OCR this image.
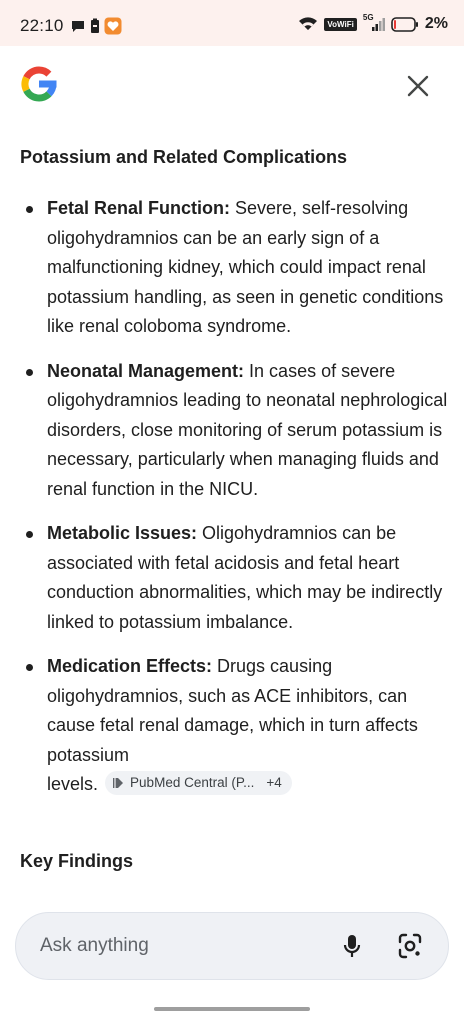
22:10	VoWiFi
5G	2%
Potassium and Related Complications
Fetal Renal Function: Severe, self-resolving oligohydramnios can be an early sign of a malfunctioning kidney, which could impact renal potassium handling, as seen in genetic conditions like renal coloboma syndrome.
Neonatal Management: In cases of severe oligohydramnios leading to neonatal nephrological disorders, close monitoring of serum potassium is necessary, particularly when managing fluids and renal function in the NICU.
Metabolic Issues: Oligohydramnios can be associated with fetal acidosis and fetal heart conduction abnormalities, which may be indirectly linked to potassium imbalance.
Medication Effects: Drugs causing oligohydramnios, such as ACE inhibitors, can cause fetal renal damage, which in turn affects potassium
levels. PubMed Central (P... +4
Key Findings
Ask anything
